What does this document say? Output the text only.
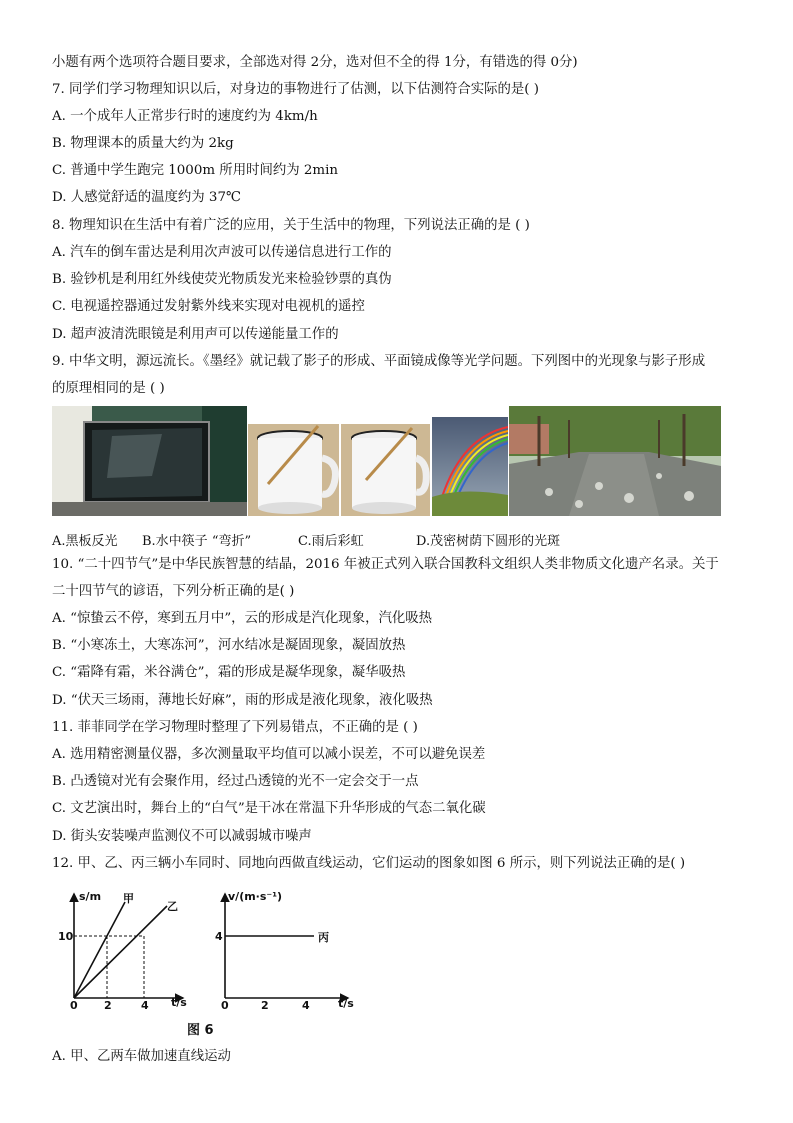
小题有两个选项符合题目要求，全部选对得 2分，选对但不全的得 1分，有错选的得 0分)
7. 同学们学习物理知识以后，对身边的事物进行了估测，以下估测符合实际的是( )
A. 一个成年人正常步行时的速度约为 4km/h
B. 物理课本的质量大约为 2kg
C. 普通中学生跑完 1000m 所用时间约为 2min
D. 人感觉舒适的温度约为 37℃
8. 物理知识在生活中有着广泛的应用，关于生活中的物理，下列说法正确的是 ( )
A. 汽车的倒车雷达是利用次声波可以传递信息进行工作的
B. 验钞机是利用红外线使荧光物质发光来检验钞票的真伪
C. 电视遥控器通过发射紫外线来实现对电视机的遥控
D. 超声波清洗眼镜是利用声可以传递能量工作的
9. 中华文明，源远流长。《墨经》就记载了影子的形成、平面镜成像等光学问题。下列图中的光现象与影子形成
的原理相同的是 ( )
A.黑板反光 B.水中筷子 “弯折”	C.雨后彩虹	D.茂密树荫下圆形的光斑
10. “二十四节气”是中华民族智慧的结晶，2016 年被正式列入联合国教科文组织人类非物质文化遗产名录。关于
二十四节气的谚语，下列分析正确的是( )
A. “惊蛰云不停，寒到五月中”，云的形成是汽化现象，汽化吸热
B. “小寒冻土，大寒冻河”，河水结冰是凝固现象，凝固放热
C. “霜降有霜，米谷满仓”，霜的形成是凝华现象，凝华吸热
D. “伏天三场雨，薄地长好麻”，雨的形成是液化现象，液化吸热
11. 菲菲同学在学习物理时整理了下列易错点，不正确的是 ( )
A. 选用精密测量仪器，多次测量取平均值可以减小误差，不可以避免误差
B. 凸透镜对光有会聚作用，经过凸透镜的光不一定会交于一点
C. 文艺演出时，舞台上的“白气”是干冰在常温下升华形成的气态二氧化碳
D. 街头安装噪声监测仪不可以减弱城市噪声
12. 甲、乙、丙三辆小车同时、同地向西做直线运动，它们运动的图象如图 6 所示，则下列说法正确的是( )
s/m
t/s
甲
乙
10
0 2	4
v/(m·s⁻¹)
t/s
丙
4
0	2	4
图 6
A. 甲、乙两车做加速直线运动
